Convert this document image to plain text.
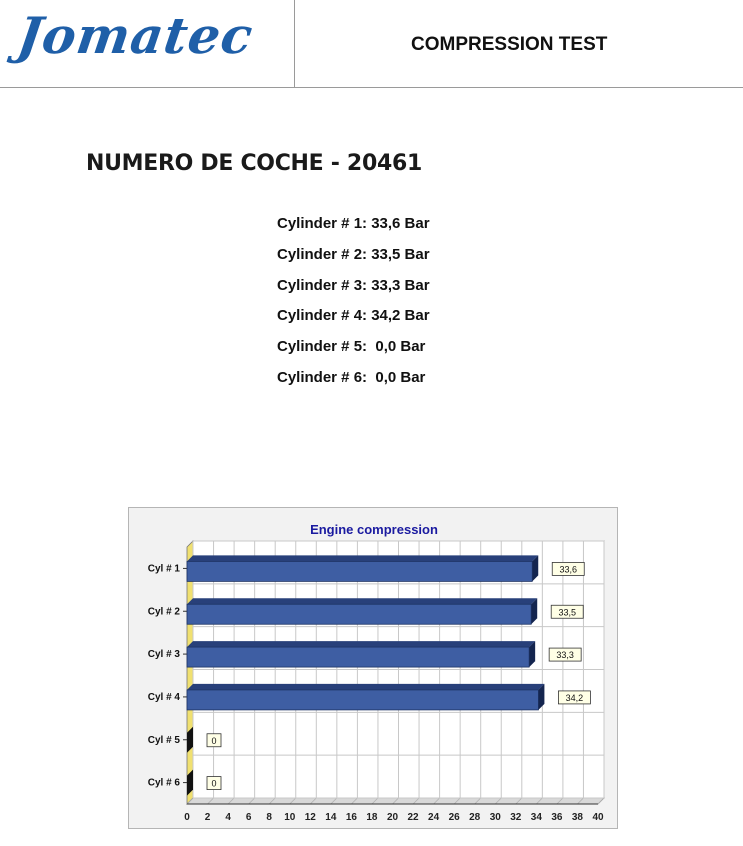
Jomatec	COMPRESSION TEST
NUMERO DE COCHE - 20461
Cylinder # 1: 33,6 Bar
Cylinder # 2: 33,5 Bar
Cylinder # 3: 33,3 Bar
Cylinder # 4: 34,2 Bar
Cylinder # 5:  0,0 Bar
Cylinder # 6:  0,0 Bar
Engine compression
0 2 4 6 8 10 12 14 16 18 20 22 24 26 28 30 32 34 36 38 40
Cyl # 1	33,6
Cyl # 2	33,5
Cyl # 3	33,3
Cyl # 4	34,2
Cyl # 5	0
Cyl # 6	0
